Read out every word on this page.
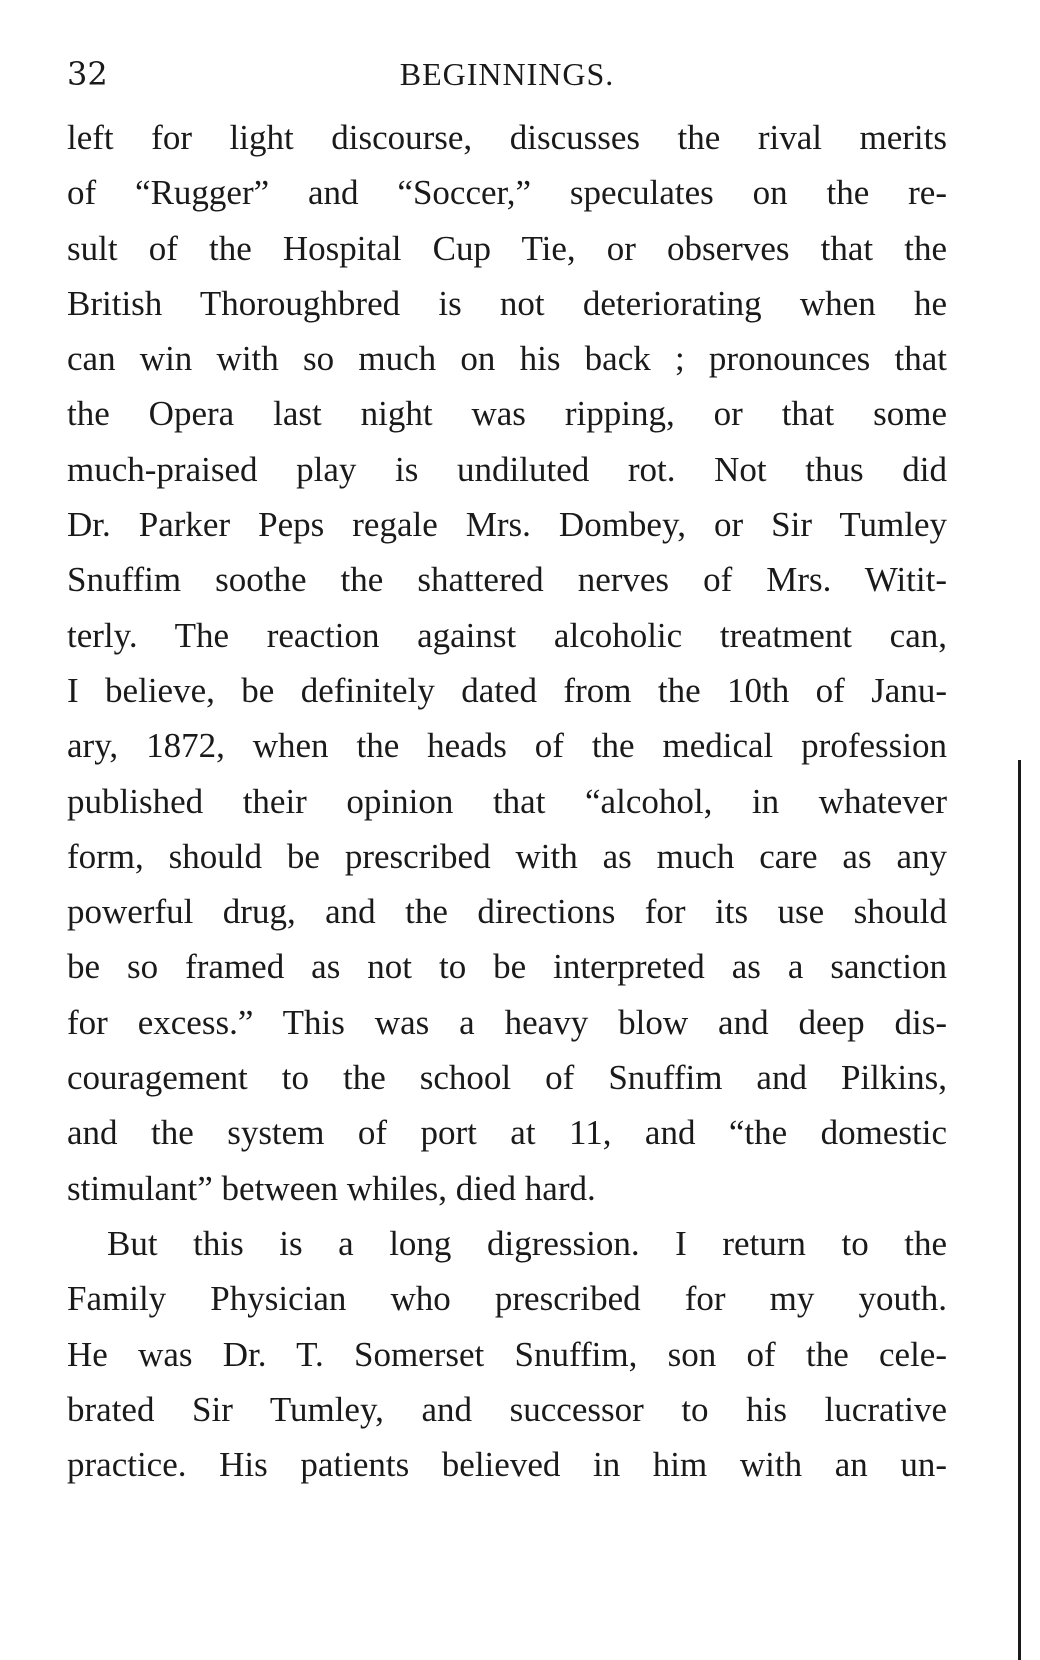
32	BEGINNINGS.
left for light discourse, discusses the rival merits
of “Rugger” and “Soccer,” speculates on the re-
sult of the Hospital Cup Tie, or observes that the
British Thoroughbred is not deteriorating when he
can win with so much on his back ; pronounces that
the Opera last night was ripping, or that some
much-praised play is undiluted rot. Not thus did
Dr. Parker Peps regale Mrs. Dombey, or Sir Tumley
Snuffim soothe the shattered nerves of Mrs. Witit-
terly. The reaction against alcoholic treatment can,
I believe, be definitely dated from the 10th of Janu-
ary, 1872, when the heads of the medical profession
published their opinion that “alcohol, in whatever
form, should be prescribed with as much care as any
powerful drug, and the directions for its use should
be so framed as not to be interpreted as a sanction
for excess.” This was a heavy blow and deep dis-
couragement to the school of Snuffim and Pilkins,
and the system of port at 11, and “the domestic
stimulant” between whiles, died hard.
But this is a long digression. I return to the
Family Physician who prescribed for my youth.
He was Dr. T. Somerset Snuffim, son of the cele-
brated Sir Tumley, and successor to his lucrative
practice. His patients believed in him with an un-
